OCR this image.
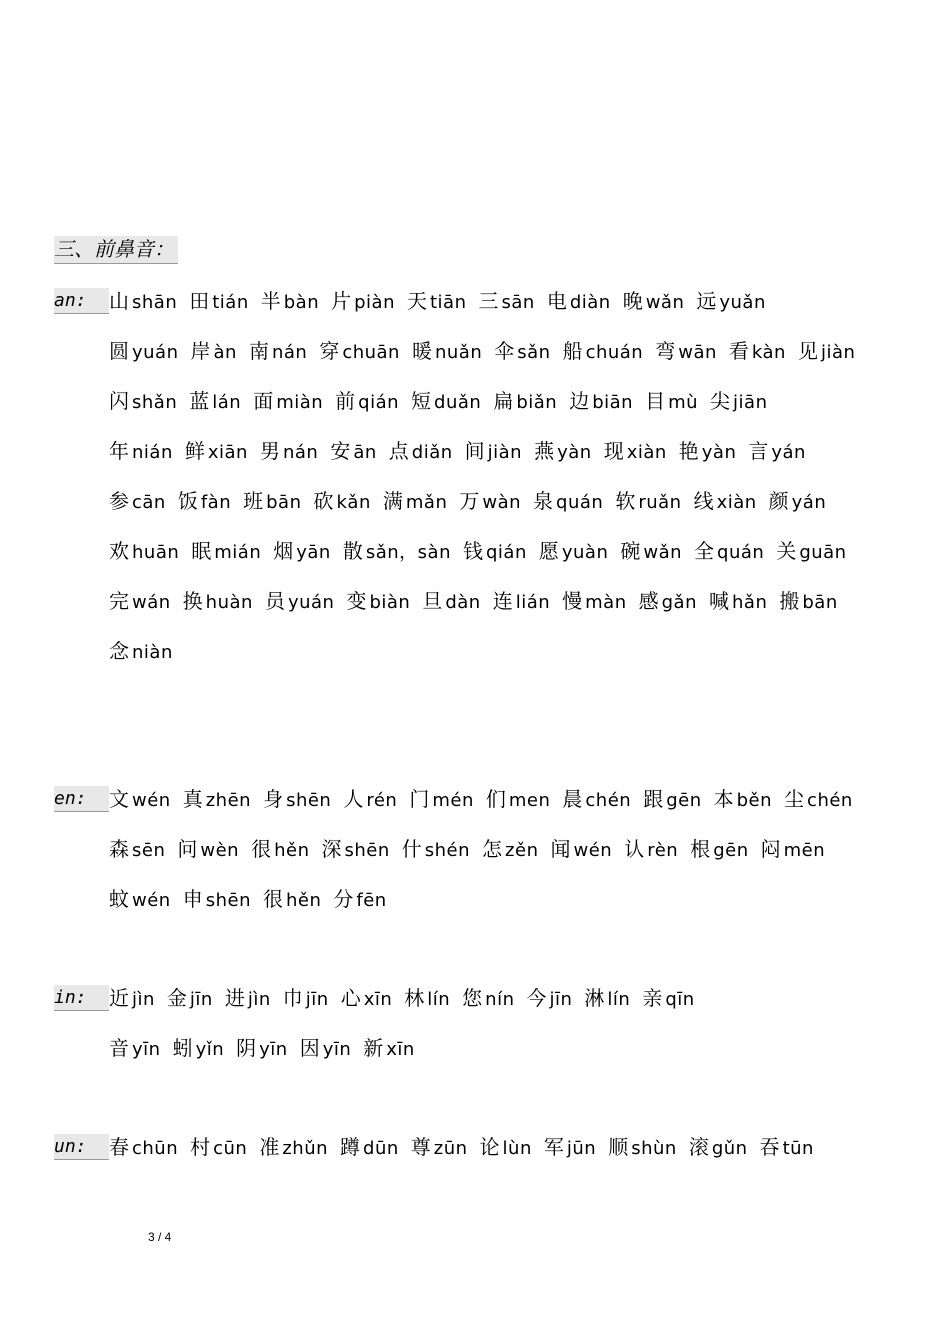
三、前鼻音：
an:	山 shān 田 tián 半 bàn 片 piàn 天 tiān 三 sān 电 diàn 晚 wǎn 远 yuǎn
圆 yuán 岸 àn 南 nán 穿 chuān 暖 nuǎn 伞 sǎn 船 chuán 弯 wān 看 kàn 见 jiàn
闪 shǎn 蓝 lán 面 miàn 前 qián 短 duǎn 扁 biǎn 边 biān 目 mù 尖 jiān
年 nián 鲜 xiān 男 nán 安 ān 点 diǎn 间 jiàn 燕 yàn 现 xiàn 艳 yàn 言 yán
参 cān 饭 fàn 班 bān 砍 kǎn 满 mǎn 万 wàn 泉 quán 软 ruǎn 线 xiàn 颜 yán
欢 huān 眠 mián 烟 yān 散 sǎn，sàn 钱 qián 愿 yuàn 碗 wǎn 全 quán 关 guān
完 wán 换 huàn 员 yuán 变 biàn 旦 dàn 连 lián 慢 màn 感 gǎn 喊 hǎn 搬 bān
念 niàn
en:	文 wén 真 zhēn 身 shēn 人 rén 门 mén 们 men 晨 chén 跟 gēn 本 běn 尘 chén
森 sēn 问 wèn 很 hěn 深 shēn 什 shén 怎 zěn 闻 wén 认 rèn 根 gēn 闷 mēn
蚊 wén 申 shēn 很 hěn 分 fēn
in:	近 jìn 金 jīn 进 jìn 巾 jīn 心 xīn 林 lín 您 nín 今 jīn 淋 lín 亲 qīn
音 yīn 蚓 yǐn 阴 yīn 因 yīn 新 xīn
un:	春 chūn 村 cūn 准 zhǔn 蹲 dūn 尊 zūn 论 lùn 军 jūn 顺 shùn 滚 gǔn 吞 tūn
3 / 4
